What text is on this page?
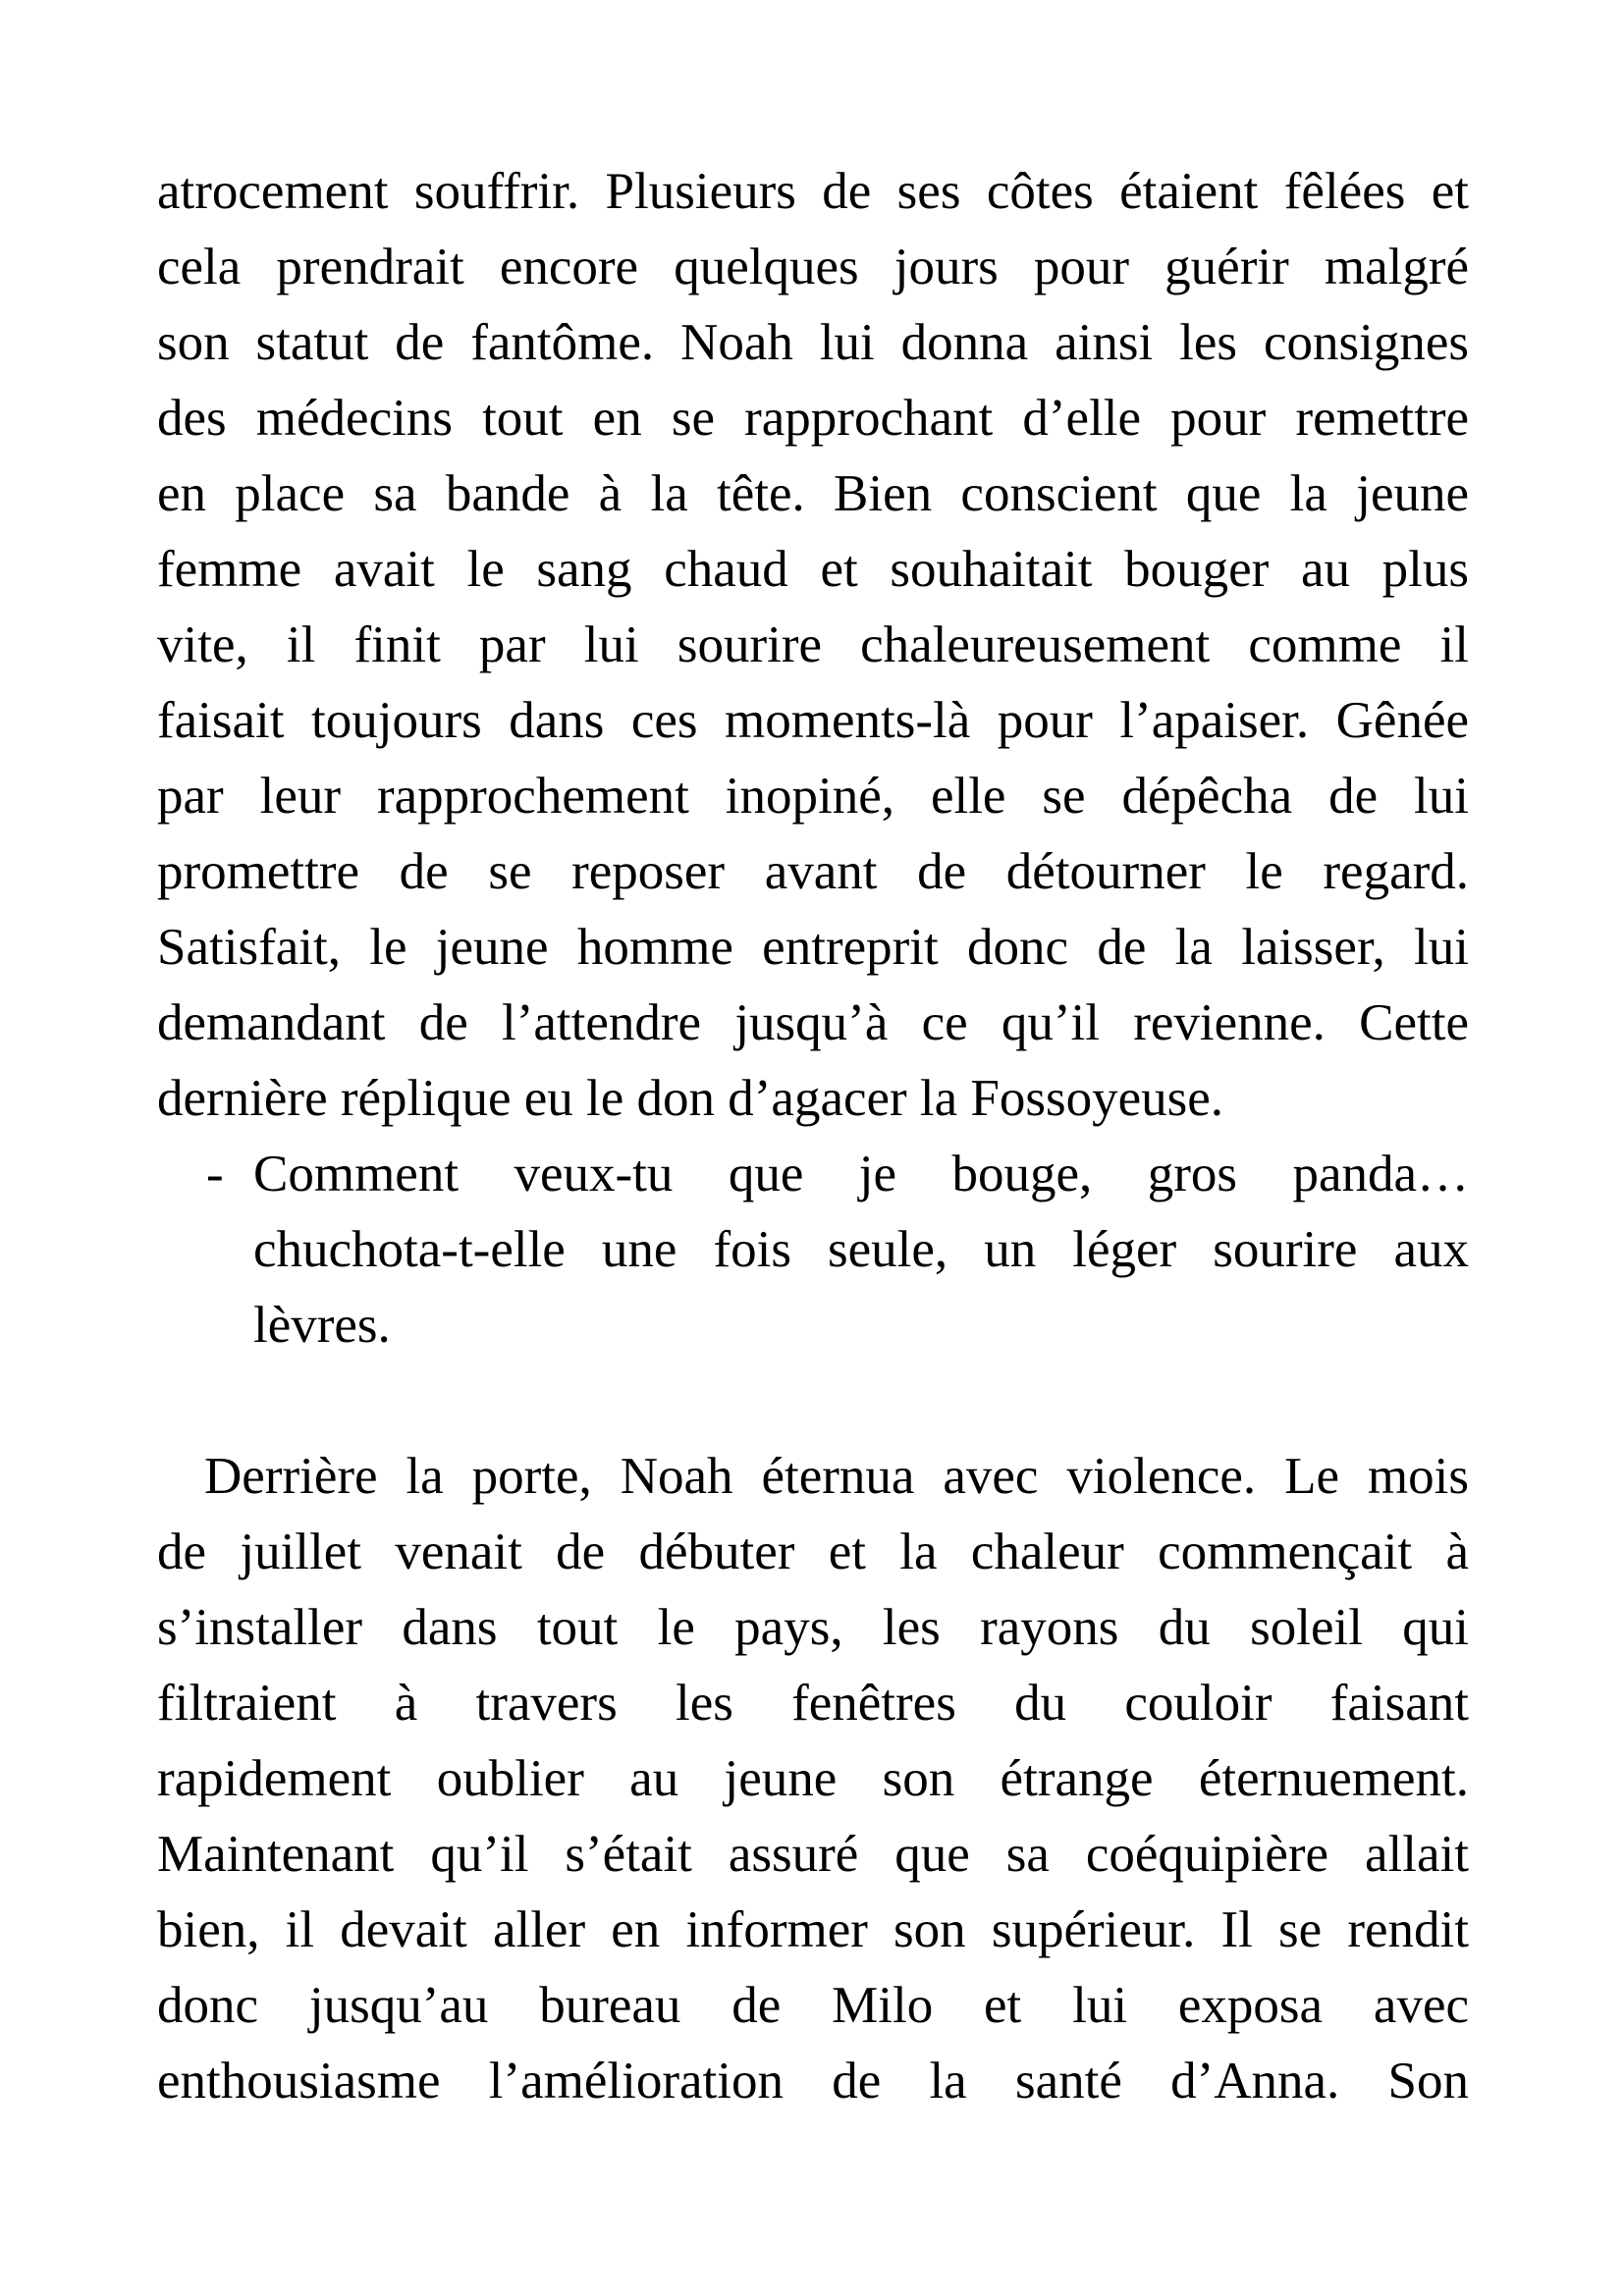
atrocement souffrir. Plusieurs de ses côtes étaient fêlées et
cela prendrait encore quelques jours pour guérir malgré
son statut de fantôme. Noah lui donna ainsi les consignes
des médecins tout en se rapprochant d’elle pour remettre
en place sa bande à la tête. Bien conscient que la jeune
femme avait le sang chaud et souhaitait bouger au plus
vite, il finit par lui sourire chaleureusement comme il
faisait toujours dans ces moments-là pour l’apaiser. Gênée
par leur rapprochement inopiné, elle se dépêcha de lui
promettre de se reposer avant de détourner le regard.
Satisfait, le jeune homme entreprit donc de la laisser, lui
demandant de l’attendre jusqu’à ce qu’il revienne. Cette
dernière réplique eu le don d’agacer la Fossoyeuse.
- Comment veux-tu que je bouge, gros panda…
chuchota-t-elle une fois seule, un léger sourire aux
lèvres.
Derrière la porte, Noah éternua avec violence. Le mois
de juillet venait de débuter et la chaleur commençait à
s’installer dans tout le pays, les rayons du soleil qui
filtraient à travers les fenêtres du couloir faisant
rapidement oublier au jeune son étrange éternuement.
Maintenant qu’il s’était assuré que sa coéquipière allait
bien, il devait aller en informer son supérieur. Il se rendit
donc jusqu’au bureau de Milo et lui exposa avec
enthousiasme l’amélioration de la santé d’Anna. Son
